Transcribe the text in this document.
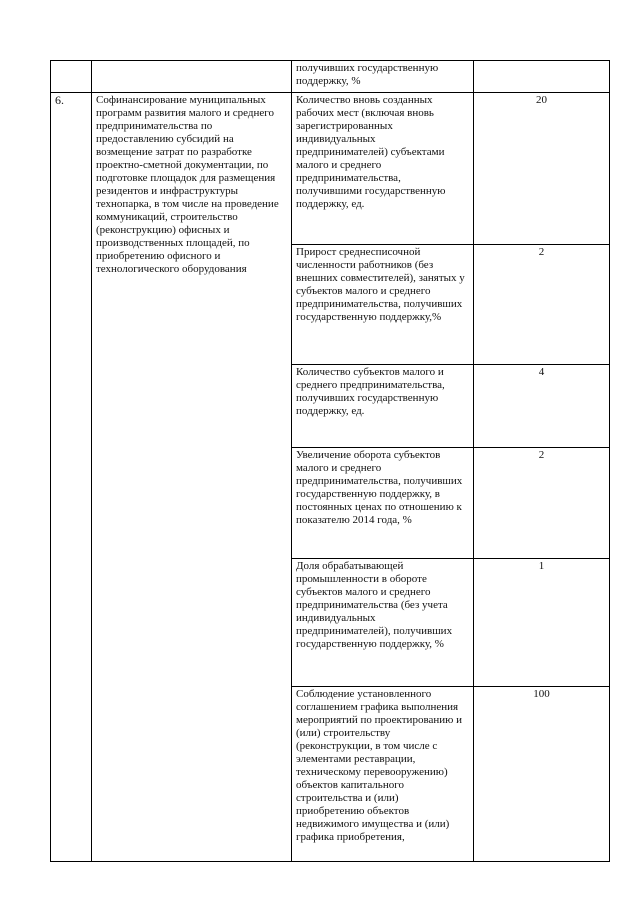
		получивших государственную поддержку, %	
6.	Софинансирование муниципальных программ развития малого и среднего предпринимательства по предоставлению субсидий на возмещение затрат по разработке проектно-сметной документации, по подготовке площадок для размещения резидентов и инфраструктуры технопарка, в том числе на проведение коммуникаций, строительство (реконструкцию) офисных и производственных площадей, по приобретению офисного и технологического оборудования	Количество вновь созданных рабочих мест (включая вновь зарегистрированных индивидуальных предпринимателей) субъектами малого и среднего предпринимательства, получившими государственную поддержку, ед.	20
		Прирост среднесписочной численности работников (без внешних совместителей), занятых у субъектов малого и среднего предпринимательства, получивших государственную поддержку,%	2
		Количество субъектов малого и среднего предпринимательства, получивших государственную поддержку, ед.	4
		Увеличение оборота субъектов малого и среднего предпринимательства, получивших государственную поддержку, в постоянных ценах по отношению к показателю 2014 года, %	2
		Доля обрабатывающей промышленности в обороте субъектов малого и среднего предпринимательства (без учета индивидуальных предпринимателей), получивших государственную поддержку, %	1
		Соблюдение установленного соглашением графика выполнения мероприятий по проектированию и (или) строительству (реконструкции, в том числе с элементами реставрации, техническому перевооружению) объектов капитального строительства и (или) приобретению объектов недвижимого имущества и (или) графика приобретения,	100
